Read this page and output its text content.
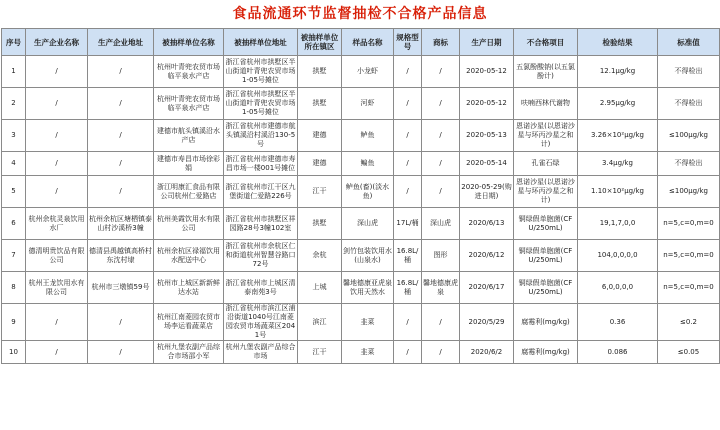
食品流通环节监督抽检不合格产品信息
序号	生产企业名称	生产企业地址	被抽样单位名称	被抽样单位地址	被抽样单位所在镇区	样品名称	规格型号	商标	生产日期	不合格项目	检验结果	标准值
1	/	/	杭州叶青兜农贸市场临平泉水产店	浙江省杭州市拱墅区半山街道叶青兜农贸市场1-05号摊位	拱墅	小龙虾	/	/	2020-05-12	五氯酚酸钠(以五氯酚计)	12.1μg/kg	不得检出
2	/	/	杭州叶青兜农贸市场临平泉水产店	浙江省杭州市拱墅区半山街道叶青兜农贸市场1-05号摊位	拱墅	河虾	/	/	2020-05-12	呋喃西林代谢物	2.95μg/kg	不得检出
3	/	/	建德市航头镇溪沿水产店	浙江省杭州市建德市航头镇溪沿村溪沿130-5号	建德	鲈鱼	/	/	2020-05-13	恩诺沙星(以恩诺沙星与环丙沙星之和计)	3.26×10²μg/kg	≤100μg/kg
4	/	/	建德市寿昌市场徐彩娟	浙江省杭州市建德市寿昌市场一楼001号摊位	建德	鳊鱼	/	/	2020-05-14	孔雀石绿	3.4μg/kg	不得检出
5	/	/	浙江明康汇食品有限公司杭州仁爱路店	浙江省杭州市江干区九堡街道仁爱路226号	江干	鲈鱼(畜)(淡水鱼)	/	/	2020-05-29(购进日期)	恩诺沙星(以恩诺沙星与环丙沙星之和计)	1.10×10²μg/kg	≤100μg/kg
6	杭州余杭灵泉饮用水厂	杭州余杭区塘栖镇泰山村沙溪桥3幢	杭州美霞饮用水有限公司	浙江省杭州市拱墅区祥园路28号3幢102室	拱墅	深山虎	17L/桶	深山虎	2020/6/13	铜绿假单胞菌(CFU/250mL)	19,1,7,0,0	n=5,c=0,m=0
7	德清明贵饮品有限公司	德清县禹越镇高桥村东沈村埭	杭州余杭区禄福饮用水配送中心	浙江省杭州市余杭区仁和街道杭州智慧谷路口72号	余杭	剑竹包装饮用水(山泉水)	16.8L/桶	图形	2020/6/12	铜绿假单胞菌(CFU/250mL)	104,0,0,0,0	n=5,c=0,m=0
8	杭州王龙饮用水有限公司	杭州市三墩镇59号	杭州市上城区新新鲜达水站	浙江省杭州市上城区清泰南苑3号	上城	馨地德康亚虎泉饮用天然水	16.8L/桶	馨地德康虎泉	2020/6/17	铜绿假单胞菌(CFU/250mL)	6,0,0,0,0	n=5,c=0,m=0
9	/	/	杭州江南菱园农贸市场李运看蔬菜店	浙江省杭州市滨江区浦沿街道1040号江南菱园农贸市场蔬菜区2041号	滨江	韭菜	/	/	2020/5/29	腐霉利(mg/kg)	0.36	≤0.2
10	/	/	杭州九堡农副产品综合市场邵小军	杭州九堡农副产品综合市场	江干	韭菜	/	/	2020/6/2	腐霉利(mg/kg)	0.086	≤0.05
